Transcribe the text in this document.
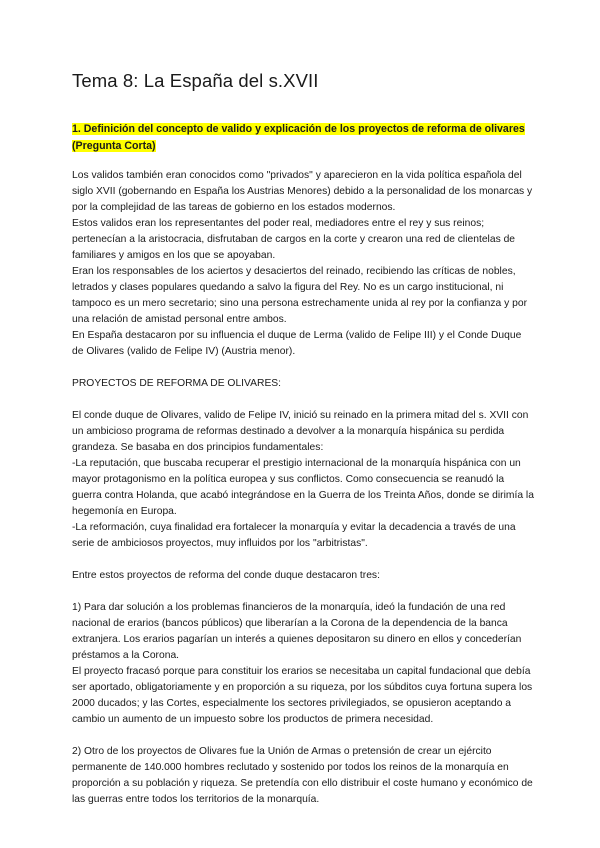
Tema 8: La España del s.XVII
1. Definición del concepto de valido y explicación de los proyectos de reforma de olivares (Pregunta Corta)

Los validos también eran conocidos como "privados" y aparecieron en la vida política española del siglo XVII (gobernando en España los Austrias Menores) debido a la personalidad de los monarcas y por la complejidad de las tareas de gobierno en los estados modernos.

Estos validos eran los representantes del poder real, mediadores entre el rey y sus reinos; pertenecían a la aristocracia, disfrutaban de cargos en la corte y crearon una red de clientelas de familiares y amigos en los que se apoyaban.

Eran los responsables de los aciertos y desaciertos del reinado, recibiendo las críticas de nobles, letrados y clases populares quedando a salvo la figura del Rey. No es un cargo institucional, ni tampoco es un mero secretario; sino una persona estrechamente unida al rey por la confianza y por una relación de amistad personal entre ambos.

En España destacaron por su influencia el duque de Lerma (valido de Felipe III) y el Conde Duque de Olivares (valido de Felipe IV) (Austria menor).

PROYECTOS DE REFORMA DE OLIVARES:

El conde duque de Olivares, valido de Felipe IV, inició su reinado en la primera mitad del s. XVII con un ambicioso programa de reformas destinado a devolver a la monarquía hispánica su perdida grandeza. Se basaba en dos principios fundamentales:

-La reputación, que buscaba recuperar el prestigio internacional de la monarquía hispánica con un mayor protagonismo en la política europea y sus conflictos. Como consecuencia se reanudó la guerra contra Holanda, que acabó integrándose en la Guerra de los Treinta Años, donde se dirimía la hegemonía en Europa.

-La reformación, cuya finalidad era fortalecer la monarquía y evitar la decadencia a través de una serie de ambiciosos proyectos, muy influidos por los "arbitristas".

Entre estos proyectos de reforma del conde duque destacaron tres:

1) Para dar solución a los problemas financieros de la monarquía, ideó la fundación de una red nacional de erarios (bancos públicos) que liberarían a la Corona de la dependencia de la banca extranjera. Los erarios pagarían un interés a quienes depositaron su dinero en ellos y concederían préstamos a la Corona.

El proyecto fracasó porque para constituir los erarios se necesitaba un capital fundacional que debía ser aportado, obligatoriamente y en proporción a su riqueza, por los súbditos cuya fortuna supera los 2000 ducados; y las Cortes, especialmente los sectores privilegiados, se opusieron aceptando a cambio un aumento de un impuesto sobre los productos de primera necesidad.

2) Otro de los proyectos de Olivares fue la Unión de Armas o pretensión de crear un ejército permanente de 140.000 hombres reclutado y sostenido por todos los reinos de la monarquía en proporción a su población y riqueza. Se pretendía con ello distribuir el coste humano y económico de las guerras entre todos los territorios de la monarquía.
